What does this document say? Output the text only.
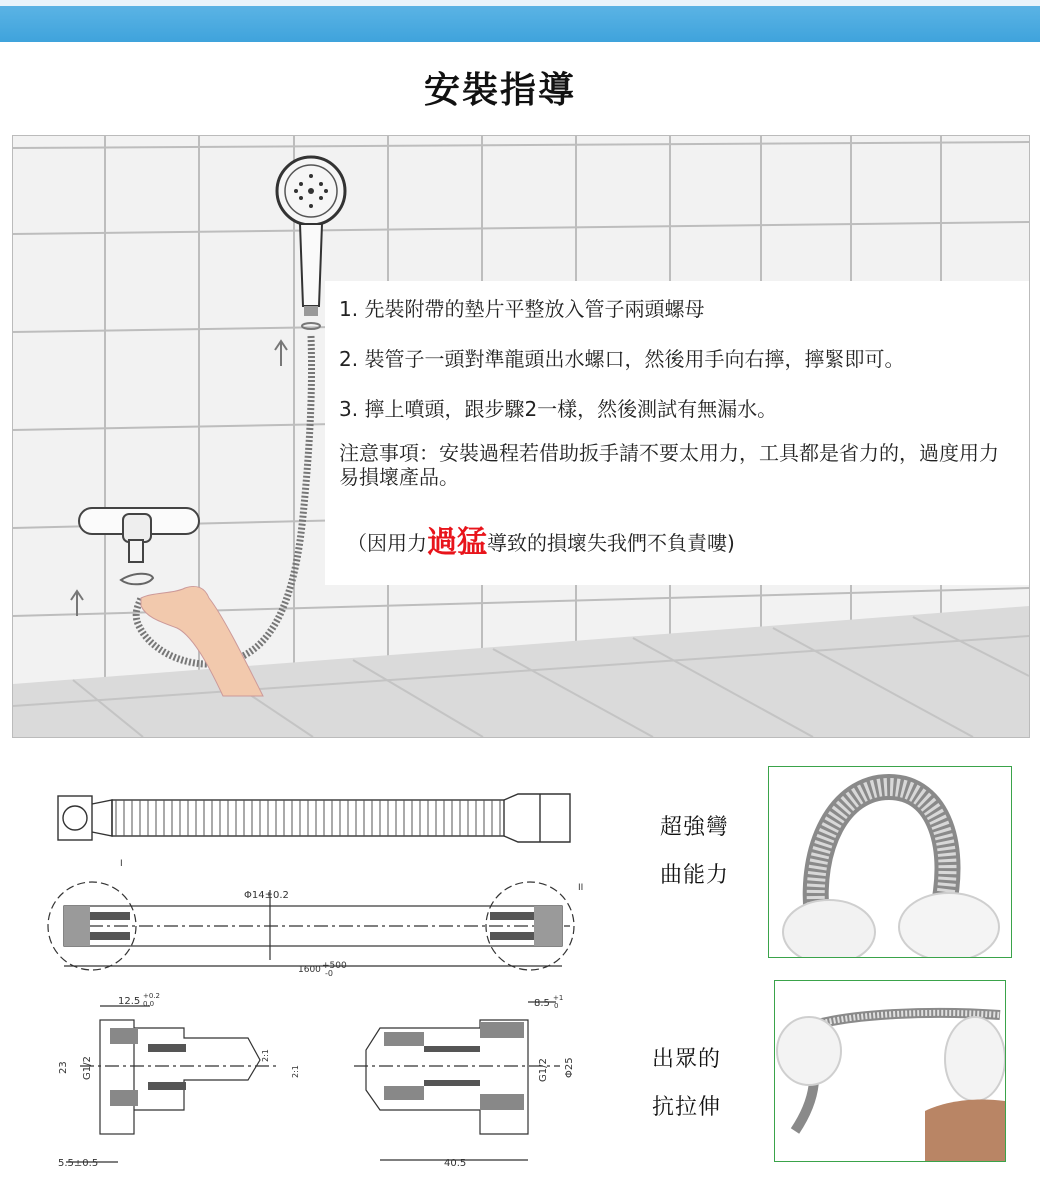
安裝指導
1. 先裝附帶的墊片平整放入管子兩頭螺母
2. 裝管子一頭對準龍頭出水螺口，然後用手向右擰，擰緊即可。
3. 擰上噴頭，跟步驟2一樣，然後測試有無漏水。
注意事項：安裝過程若借助扳手請不要太用力，工具都是省力的，過度用力易損壞產品。
（因用力過猛導致的損壞失我們不負責嘍)
Φ14±0.2
1600 +500
-0
I
II
12.5 +0.2
0.0
23 G1/2
5.5±0.5
2:1
2:1
8.5 +1
0
G1/2 Φ25
40.5
超強彎
曲能力
出眾的
抗拉伸
